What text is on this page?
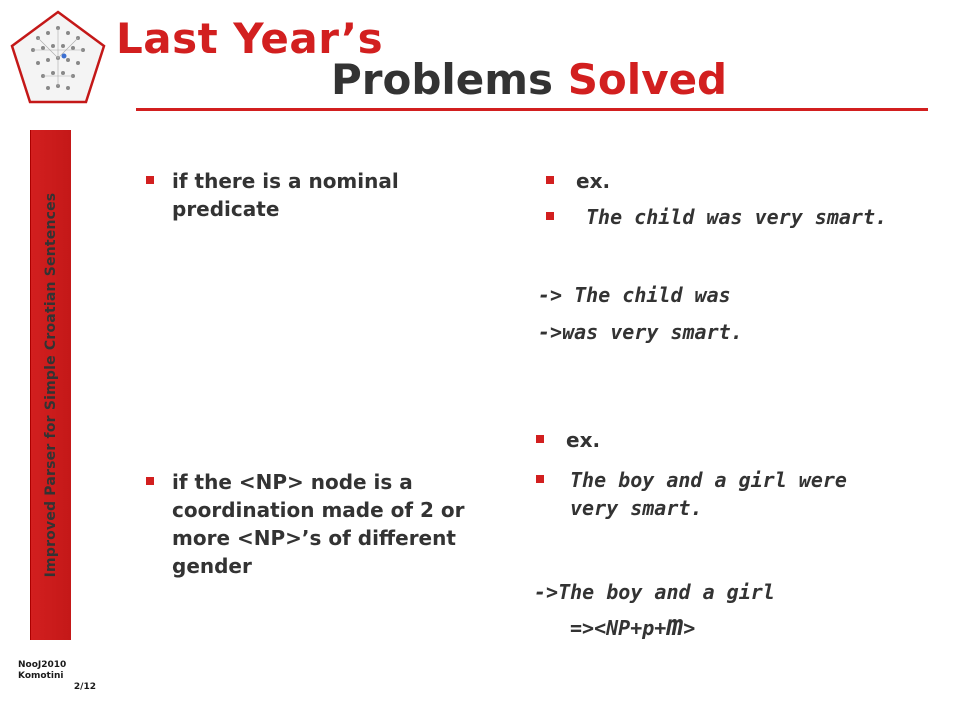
Improved Parser for Simple Croatian Sentences
NooJ2010
Komotini
2/12
Last Year’s
Problems Solved
if there is a nominal predicate
if the <NP> node is a coordination made of 2 or more <NP>’s of different gender
ex.
The child was very smart.
-> The child was
->was very smart.
ex.
The boy and a girl were very smart.
->The boy and a girl
=><NP+p+m>
